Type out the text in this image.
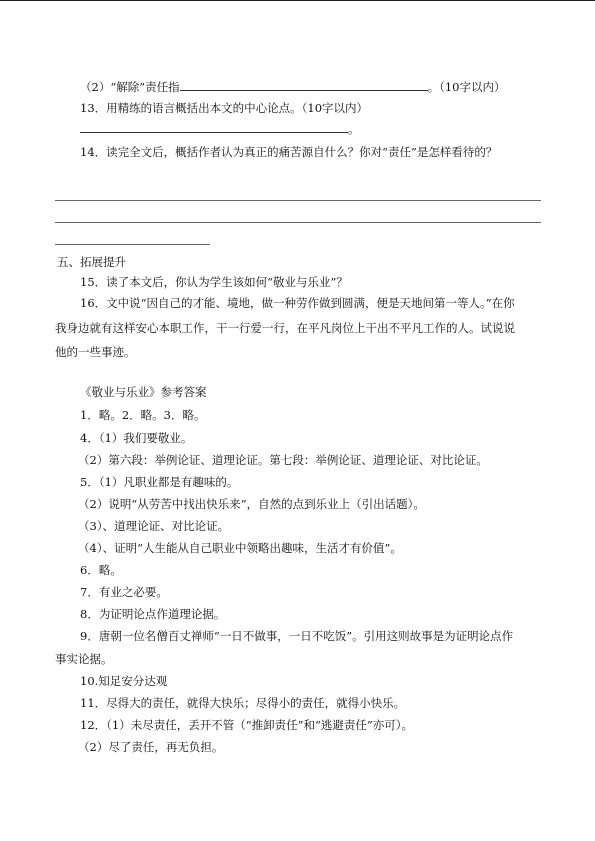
（2）“解除”责任指	。（10字以内）
13．用精练的语言概括出本文的中心论点。（10字以内）
。
14．读完全文后，概括作者认为真正的痛苦源自什么？你对“责任”是怎样看待的？
五、拓展提升
15．读了本文后，你认为学生该如何“敬业与乐业”？
16．文中说“因自己的才能、境地，做一种劳作做到圆满，便是天地间第一等人。”在你
我身边就有这样安心本职工作，干一行爱一行，在平凡岗位上干出不平凡工作的人。试说说
他的一些事迹。
《敬业与乐业》参考答案
1．略。2．略。3．略。
4．（1）我们要敬业。
（2）第六段：举例论证、道理论证。第七段：举例论证、道理论证、对比论证。
5．（1）凡职业都是有趣味的。
（2）说明“从劳苦中找出快乐来”，自然的点到乐业上（引出话题）。
（3）、道理论证、对比论证。
（4）、证明“人生能从自己职业中领略出趣味，生活才有价值”。
6．略。
7．有业之必要。
8．为证明论点作道理论据。
9．唐朝一位名僧百丈禅师“一日不做事，一日不吃饭”。引用这则故事是为证明论点作
事实论据。
10.知足安分达观
11．尽得大的责任，就得大快乐；尽得小的责任，就得小快乐。
12．（1）未尽责任，丢开不管（“推卸责任”和“逃避责任”亦可）。
（2）尽了责任，再无负担。
